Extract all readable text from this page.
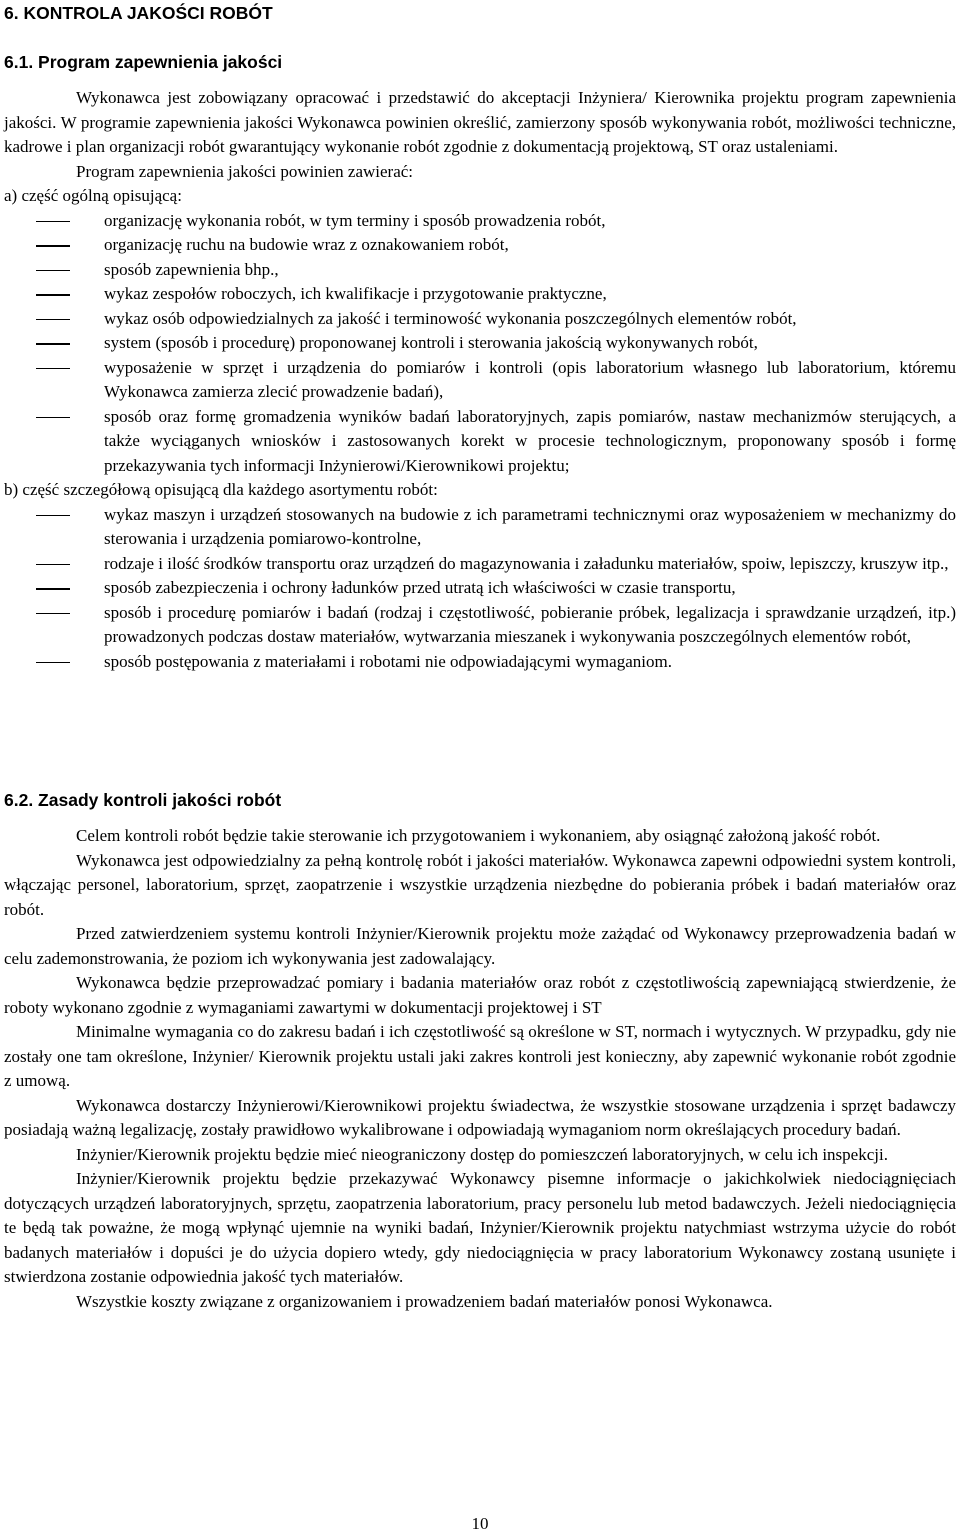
6. KONTROLA JAKOŚCI ROBÓT
6.1. Program zapewnienia jakości

Wykonawca jest zobowiązany opracować i przedstawić do akceptacji Inżyniera/ Kierownika projektu program zapewnienia jakości. W programie zapewnienia jakości Wykonawca powinien określić, zamierzony sposób wykonywania robót, możliwości techniczne, kadrowe i plan organizacji robót gwarantujący wykonanie robót zgodnie z dokumentacją projektową, ST oraz ustaleniami.

Program zapewnienia jakości powinien zawierać:

a) część ogólną opisującą:

organizację wykonania robót, w tym terminy i sposób prowadzenia robót,
organizację ruchu na budowie wraz z oznakowaniem robót,
sposób zapewnienia bhp.,
wykaz zespołów roboczych, ich kwalifikacje i przygotowanie praktyczne,
wykaz osób odpowiedzialnych za jakość i terminowość wykonania poszczególnych elementów robót,
system (sposób i procedurę) proponowanej kontroli i sterowania jakością wykonywanych robót,
wyposażenie w sprzęt i urządzenia do pomiarów i kontroli (opis laboratorium własnego lub laboratorium, któremu Wykonawca zamierza zlecić prowadzenie badań),
sposób oraz formę gromadzenia wyników badań laboratoryjnych, zapis pomiarów, nastaw mechanizmów sterujących, a także wyciąganych wniosków i zastosowanych korekt w procesie technologicznym, proponowany sposób i formę przekazywania tych informacji Inżynierowi/Kierownikowi projektu;

b) część szczegółową opisującą dla każdego asortymentu robót:

wykaz maszyn i urządzeń stosowanych na budowie z ich parametrami technicznymi oraz wyposażeniem w mechanizmy do sterowania i urządzenia pomiarowo-kontrolne,
rodzaje i ilość środków transportu oraz urządzeń do magazynowania i załadunku materiałów, spoiw, lepiszczy, kruszyw itp.,
sposób zabezpieczenia i ochrony ładunków przed utratą ich właściwości w czasie transportu,
sposób i procedurę pomiarów i badań (rodzaj i częstotliwość, pobieranie próbek, legalizacja i sprawdzanie urządzeń, itp.) prowadzonych podczas dostaw materiałów, wytwarzania mieszanek i wykonywania poszczególnych elementów robót,
sposób postępowania z materiałami i robotami nie odpowiadającymi wymaganiom.
6.2. Zasady kontroli jakości robót

Celem kontroli robót będzie takie sterowanie ich przygotowaniem i wykonaniem, aby osiągnąć założoną jakość robót.

Wykonawca jest odpowiedzialny za pełną kontrolę robót i jakości materiałów. Wykonawca zapewni odpowiedni system kontroli, włączając personel, laboratorium, sprzęt, zaopatrzenie i wszystkie urządzenia niezbędne do pobierania próbek i badań materiałów oraz robót.

Przed zatwierdzeniem systemu kontroli Inżynier/Kierownik projektu może zażądać od Wykonawcy przeprowadzenia badań w celu zademonstrowania, że poziom ich wykonywania jest zadowalający.

Wykonawca będzie przeprowadzać pomiary i badania materiałów oraz robót z częstotliwością zapewniającą stwierdzenie, że roboty wykonano zgodnie z wymaganiami zawartymi w dokumentacji projektowej i ST

Minimalne wymagania co do zakresu badań i ich częstotliwość są określone w ST, normach i wytycznych. W przypadku, gdy nie zostały one tam określone, Inżynier/ Kierownik projektu ustali jaki zakres kontroli jest konieczny, aby zapewnić wykonanie robót zgodnie z umową.

Wykonawca dostarczy Inżynierowi/Kierownikowi projektu świadectwa, że wszystkie stosowane urządzenia i sprzęt badawczy posiadają ważną legalizację, zostały prawidłowo wykalibrowane i odpowiadają wymaganiom norm określających procedury badań.

Inżynier/Kierownik projektu będzie mieć nieograniczony dostęp do pomieszczeń laboratoryjnych, w celu ich inspekcji.

Inżynier/Kierownik projektu będzie przekazywać Wykonawcy pisemne informacje o jakichkolwiek niedociągnięciach dotyczących urządzeń laboratoryjnych, sprzętu, zaopatrzenia laboratorium, pracy personelu lub metod badawczych. Jeżeli niedociągnięcia te będą tak poważne, że mogą wpłynąć ujemnie na wyniki badań, Inżynier/Kierownik projektu natychmiast wstrzyma użycie do robót badanych materiałów i dopuści je do użycia dopiero wtedy, gdy niedociągnięcia w pracy laboratorium Wykonawcy zostaną usunięte i stwierdzona zostanie odpowiednia jakość tych materiałów.

Wszystkie koszty związane z organizowaniem i prowadzeniem badań materiałów ponosi Wykonawca.

10
